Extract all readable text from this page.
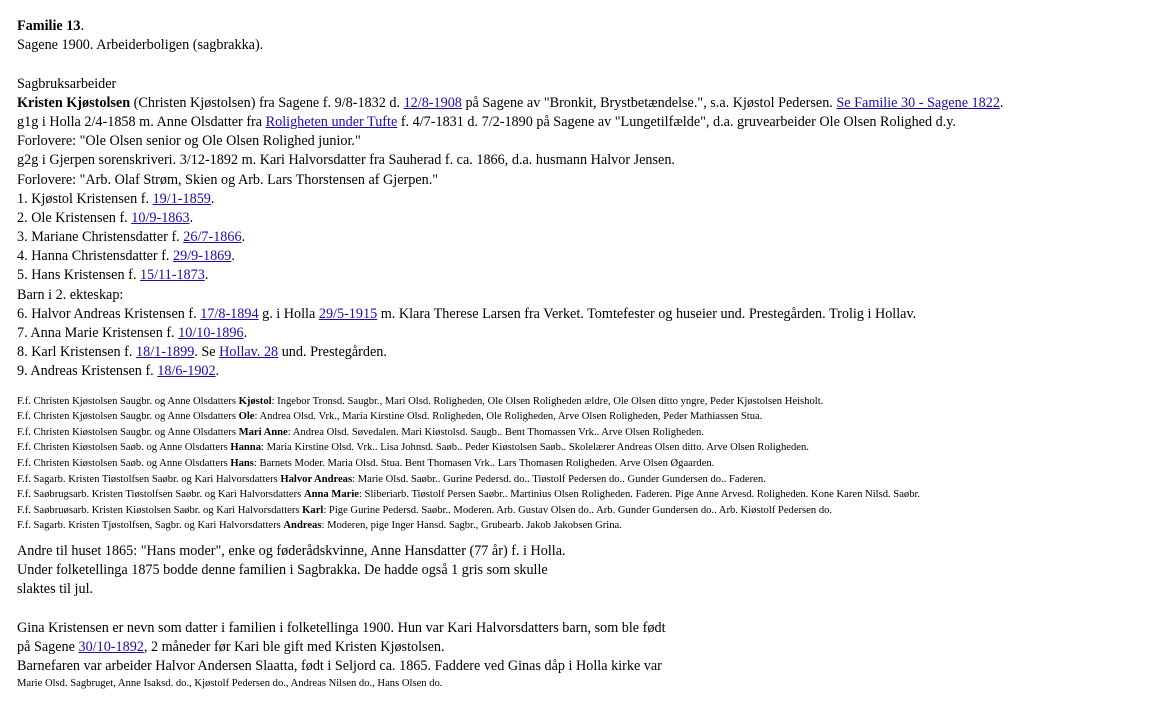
Familie 13.
Sagene 1900. Arbeiderboligen (sagbrakka).
Sagbruksarbeider
Kristen Kjøstolsen (Christen Kjøstolsen) fra Sagene f. 9/8-1832 d. 12/8-1908 på Sagene av "Bronkit, Brystbetændelse.", s.a. Kjøstol Pedersen. Se Familie 30 - Sagene 1822.
g1g i Holla 2/4-1858 m. Anne Olsdatter fra Roligheten under Tufte f. 4/7-1831 d. 7/2-1890 på Sagene av "Lungetilfælde", d.a. gruvearbeider Ole Olsen Rolighed d.y.
Forlovere: "Ole Olsen senior og Ole Olsen Rolighed junior."
g2g i Gjerpen sorenskriveri. 3/12-1892 m. Kari Halvorsdatter fra Sauherad f. ca. 1866, d.a. husmann Halvor Jensen.
Forlovere: "Arb. Olaf Strøm, Skien og Arb. Lars Thorstensen af Gjerpen."
1. Kjøstol Kristensen f. 19/1-1859.
2. Ole Kristensen f. 10/9-1863.
3. Mariane Christensdatter f. 26/7-1866.
4. Hanna Christensdatter f. 29/9-1869.
5. Hans Kristensen f. 15/11-1873.
Barn i 2. ekteskap:
6. Halvor Andreas Kristensen f. 17/8-1894 g. i Holla 29/5-1915 m. Klara Therese Larsen fra Verket. Tomtefester og huseier und. Prestegården. Trolig i Hollav.
7. Anna Marie Kristensen f. 10/10-1896.
8. Karl Kristensen f. 18/1-1899. Se Hollav. 28 und. Prestegården.
9. Andreas Kristensen f. 18/6-1902.
F.f. Christen Kjøstolsen Saugbr. og Anne Olsdatters Kjøstol: Ingebor Tronsd. Saugbr., Mari Olsd. Roligheden, Ole Olsen Roligheden ældre, Ole Olsen ditto yngre, Peder Kjøstolsen Heisholt.
F.f. Christen Kjøstolsen Saugbr. og Anne Olsdatters Ole: Andrea Olsd. Vrk., Maria Kirstine Olsd. Roligheden, Ole Roligheden, Arve Olsen Roligheden, Peder Mathiassen Stua.
F.f. Christen Kiøstolsen Saugbr. og Anne Olsdatters Mari Anne: Andrea Olsd. Søvedalen. Mari Kiøstolsd. Saugb.. Bent Thomassen Vrk.. Arve Olsen Roligheden.
F.f. Christen Kiøstolsen Saøb. og Anne Olsdatters Hanna: Maria Kirstine Olsd. Vrk.. Lisa Johnsd. Saøb.. Peder Kiøstolsen Saøb.. Skolelærer Andreas Olsen ditto. Arve Olsen Roligheden.
F.f. Christen Kiøstolsen Saøb. og Anne Olsdatters Hans: Barnets Moder. Maria Olsd. Stua. Bent Thomasen Vrk.. Lars Thomasen Roligheden. Arve Olsen Øgaarden.
F.f. Sagarb. Kristen Tiøstolfsen Saøbr. og Kari Halvorsdatters Halvor Andreas: Marie Olsd. Saøbr.. Gurine Pedersd. do.. Tiøstolf Pedersen do.. Gunder Gundersen do.. Faderen.
F.f. Saøbrugsarb. Kristen Tiøstolfsen Saøbr. og Kari Halvorsdatters Anna Marie: Sliberiarb. Tiøstolf Persen Saøbr.. Martinius Olsen Roligheden. Faderen. Pige Anne Arvesd. Roligheden. Kone Karen Nilsd. Saøbr.
F.f. Saøbruøsarb. Kristen Kiøstolsen Saøbr. og Kari Halvorsdatters Karl: Pige Gurine Pedersd. Saøbr.. Moderen. Arb. Gustav Olsen do.. Arb. Gunder Gundersen do.. Arb. Kiøstolf Pedersen do.
F.f. Sagarb. Kristen Tjøstolfsen, Sagbr. og Kari Halvorsdatters Andreas: Moderen, pige Inger Hansd. Sagbr., Grubearb. Jakob Jakobsen Grina.
Andre til huset 1865: "Hans moder", enke og føderådskvinne, Anne Hansdatter (77 år) f. i Holla.
Under folketellinga 1875 bodde denne familien i Sagbrakka. De hadde også 1 gris som skulle
slaktes til jul.
Gina Kristensen er nevn som datter i familien i folketellinga 1900. Hun var Kari Halvorsdatters barn, som ble født
på Sagene 30/10-1892, 2 måneder før Kari ble gift med Kristen Kjøstolsen.
Barnefaren var arbeider Halvor Andersen Slaatta, født i Seljord ca. 1865. Faddere ved Ginas dåp i Holla kirke var
Marie Olsd. Sagbruget, Anne Isaksd. do., Kjøstolf Pedersen do., Andreas Nilsen do., Hans Olsen do.
